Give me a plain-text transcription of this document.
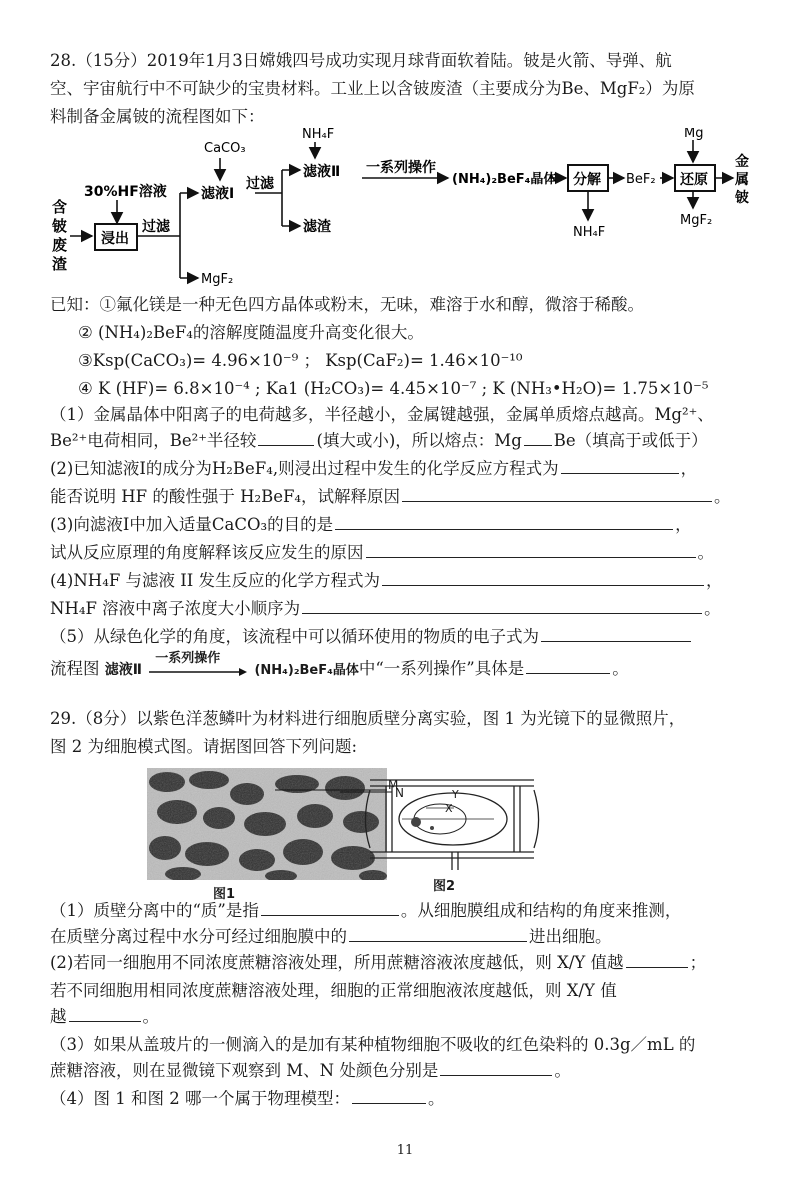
28.（15分）2019年1月3日嫦娥四号成功实现月球背面软着陆。铍是火箭、导弹、航
空、宇宙航行中不可缺少的宝贵材料。工业上以含铍废渣（主要成分为Be、MgF₂）为原
料制备金属铍的流程图如下：
含
铍
废
渣
30%HF溶液
浸出
过滤
MgF₂
CaCO₃
滤液Ⅰ
过滤
NH₄F
滤液Ⅱ 一系列操作
滤渣
(NH₄)₂BeF₄晶体 分解
NH₄F
BeF₂
Mg
还原
MgF₂
金
属
铍
已知：①氟化镁是一种无色四方晶体或粉末，无味，难溶于水和醇，微溶于稀酸。
② (NH₄)₂BeF₄的溶解度随温度升高变化很大。
③Ksp(CaCO₃)= 4.96×10⁻⁹ ； Ksp(CaF₂)= 1.46×10⁻¹⁰
④ K (HF)= 6.8×10⁻⁴ ; Ka1 (H₂CO₃)= 4.45×10⁻⁷ ; K (NH₃•H₂O)= 1.75×10⁻⁵
（1）金属晶体中阳离子的电荷越多，半径越小，金属键越强，金属单质熔点越高。Mg²⁺、
Be²⁺电荷相同，Be²⁺半径较	(填大或小)，所以熔点：Mg Be（填高于或低于）
(2)已知滤液Ⅰ的成分为H₂BeF₄,则浸出过程中发生的化学反应方程式为	，
能否说明 HF 的酸性强于 H₂BeF₄，试解释原因	。
(3)向滤液Ⅰ中加入适量CaCO₃的目的是	，
试从反应原理的角度解释该反应发生的原因	。
(4)NH₄F 与滤液 II 发生反应的化学方程式为	，
NH₄F 溶液中离子浓度大小顺序为	。
（5）从绿色化学的角度，该流程中可以循环使用的物质的电子式为
流程图 滤液Ⅱ
一系列操作
(NH₄)₂BeF₄晶体中“一系列操作”具体是	。
29.（8分）以紫色洋葱鳞叶为材料进行细胞质壁分离实验，图 1 为光镜下的显微照片，
图 2 为细胞模式图。请据图回答下列问题:
M
N
图1
Y
X
图2
（1）质壁分离中的“质”是指	。从细胞膜组成和结构的角度来推测，
在质壁分离过程中水分可经过细胞膜中的	进出细胞。
(2)若同一细胞用不同浓度蔗糖溶液处理，所用蔗糖溶液浓度越低，则 X/Y 值越	；
若不同细胞用相同浓度蔗糖溶液处理，细胞的正常细胞液浓度越低，则 X/Y 值
越	。
（3）如果从盖玻片的一侧滴入的是加有某种植物细胞不吸收的红色染料的 0.3g／mL 的
蔗糖溶液，则在显微镜下观察到 M、N 处颜色分别是	。
（4）图 1 和图 2 哪一个属于物理模型：	。
11
